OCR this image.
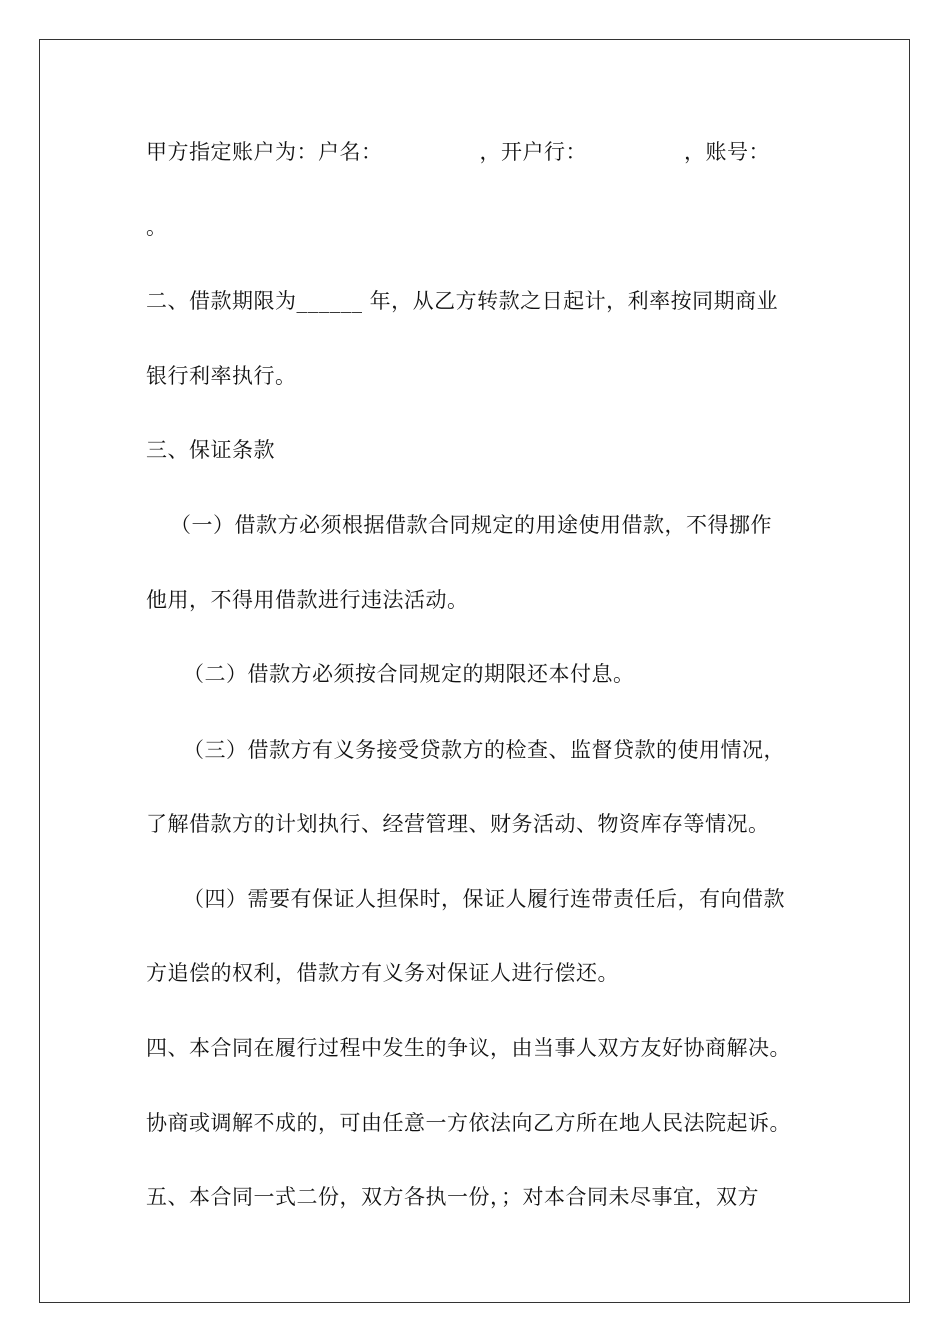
甲方指定账户为：户名：　　　　　，开户行：　　　　　，账号：
。
二、借款期限为______ 年，从乙方转款之日起计，利率按同期商业
银行利率执行。
三、保证条款
（一）借款方必须根据借款合同规定的用途使用借款，不得挪作
他用，不得用借款进行违法活动。
（二）借款方必须按合同规定的期限还本付息。
（三）借款方有义务接受贷款方的检查、监督贷款的使用情况，
了解借款方的计划执行、经营管理、财务活动、物资库存等情况。
（四）需要有保证人担保时，保证人履行连带责任后，有向借款
方追偿的权利，借款方有义务对保证人进行偿还。
四、本合同在履行过程中发生的争议，由当事人双方友好协商解决。
协商或调解不成的，可由任意一方依法向乙方所在地人民法院起诉。
五、本合同一式二份，双方各执一份，；对本合同未尽事宜，双方
